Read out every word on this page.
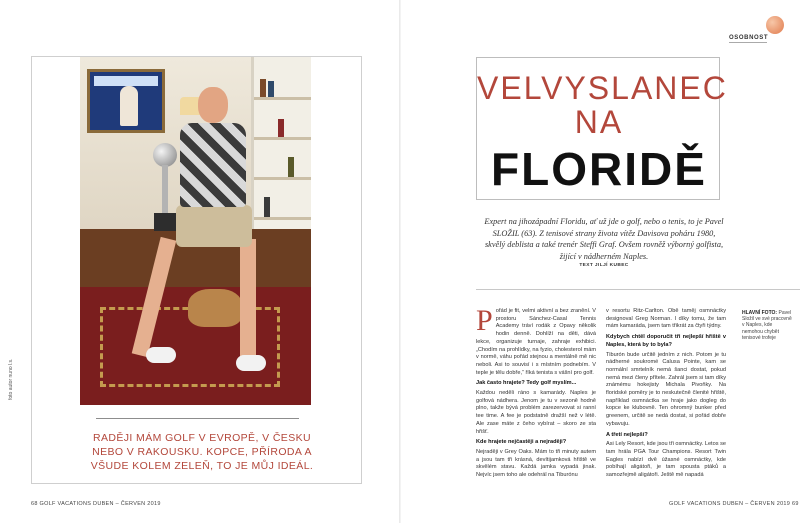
RADĚJI MÁM GOLF V EVROPĚ, V ČESKU NEBO V RAKOUSKU. KOPCE, PŘÍRODA A VŠUDE KOLEM ZELEŇ, TO JE MŮJ IDEÁL.
foto autor nuno l.s.
68 GOLF VACATIONS DUBEN – ČERVEN 2019
OSOBNOST
VELVYSLANEC
NA
FLORIDĚ
Expert na jihozápadní Floridu, ať už jde o golf, nebo o tenis, to je Pavel SLOŽIL (63). Z tenisové strany života vítěz Davisova poháru 1980, skvělý deblista a také trenér Steffi Graf. Ovšem rovněž výborný golfista, žijící v nádherném Naples.
TEXT JILJÍ KUBEC

Pořád je fit, velmi aktivní a bez zranění. V prostoru Sánchez-Casal Tennis Academy tráví rodák z Opavy několik hodin denně. Dohlíží na děti, dává lekce, organizuje turnaje, zahraje exhibici. „Chodím na prohlídky, na fyzio, cholesterol mám v normě, váhu pořád stejnou a mentálně mě nic neboli. Asi to souvisí i s místním podnebím. V teple je tělu dobře,“ říká tenista s vášní pro golf.

Jak často hrajete? Tedy golf myslím...

Každou neděli ráno s kamarády. Naples je golfová nádhera. Jenom je tu v sezoně hodně plno, takže bývá problém zarezervovat si ranní tee time. A fee je podstatně dražší než v létě. Ale zase máte z čeho vybírat – skoro ze sta hřišť.

Kde hrajete nejčastěji a nejraději?

Nejraději v Grey Oaks. Mám to tři minuty autem a jsou tam tři krásná, devítijamková hřiště ve skvělém stavu. Každá jamka vypadá jinak. Nejvíc jsem toho ale odehrál na Tiburónu

v resortu Ritz-Carlton. Obě taměj osmnáctky designoval Greg Norman. I díky tomu, že tam mám kamaráda, jsem tam třikrát za čtyři týdny.

Kdybych chtěl doporučit tři nejlepší hřiště v Naples, která by to byla?

Tiburón bude určitě jedním z nich. Potom je tu nádherné soukromé Calusa Pointe, kam se normální smrtelník nemá šanci dostat, pokud nemá mezi členy přítele. Zahrál jsem si tam díky známému hokejisty Michala Pivoňky. Na floridské poměry je to neskutečně členité hřiště, například osmnáctka se hraje jako dogleg do kopce ke klubovně. Ten ohromný bunker před greenem, určitě se nedá dostat, si pořád dobře vybavuju.

A třetí nejlepší?

Asi Lely Resort, kde jsou tři osmnáctky. Letos se tam hrála PGA Tour Champions. Resort Twin Eagles nabízí dvě úžasné osmnáctky, kde pobíhají aligátoři, je tam spousta ptáků a samozřejmě aligátoři. Ještě mě napadá

HLAVNÍ FOTO: Pavel Složil ve své pracovně v Naples, kde nemohou chybět tenisové trofeje
GOLF VACATIONS DUBEN – ČERVEN 2019 69
